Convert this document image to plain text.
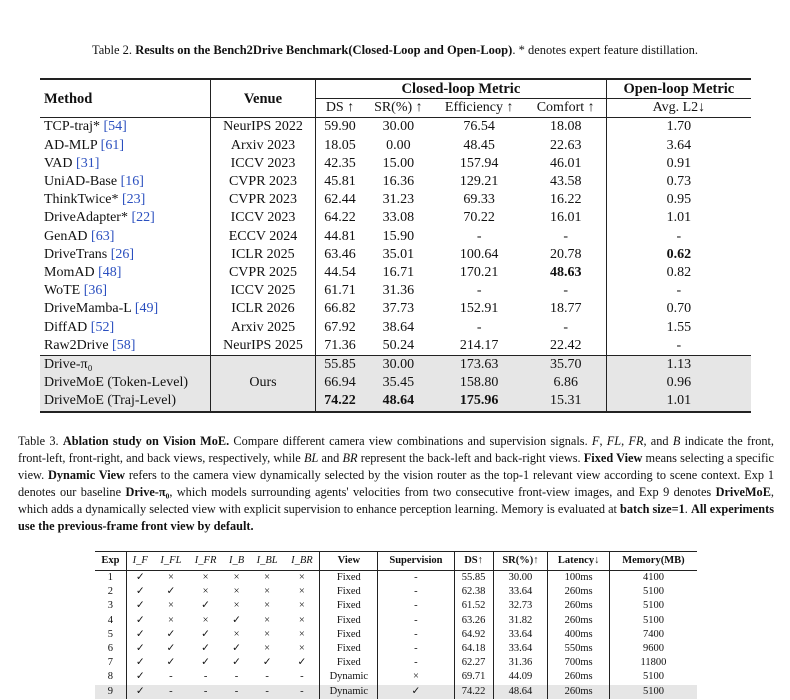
Table 2. Results on the Bench2Drive Benchmark(Closed-Loop and Open-Loop). * denotes expert feature distillation.
Method	Venue	Closed-loop Metric				Open-loop Metric
		DS ↑	SR(%) ↑	Efficiency ↑	Comfort ↑	Avg. L2↓
TCP-traj* [54]	NeurIPS 2022	59.90	30.00	76.54	18.08	1.70
AD-MLP [61]	Arxiv 2023	18.05	0.00	48.45	22.63	3.64
VAD [31]	ICCV 2023	42.35	15.00	157.94	46.01	0.91
UniAD-Base [16]	CVPR 2023	45.81	16.36	129.21	43.58	0.73
ThinkTwice* [23]	CVPR 2023	62.44	31.23	69.33	16.22	0.95
DriveAdapter* [22]	ICCV 2023	64.22	33.08	70.22	16.01	1.01
GenAD [63]	ECCV 2024	44.81	15.90	-	-	-
DriveTrans [26]	ICLR 2025	63.46	35.01	100.64	20.78	0.62
MomAD [48]	CVPR 2025	44.54	16.71	170.21	48.63	0.82
WoTE [36]	ICCV 2025	61.71	31.36	-	-	-
DriveMamba-L [49]	ICLR 2026	66.82	37.73	152.91	18.77	0.70
DiffAD [52]	Arxiv 2025	67.92	38.64	-	-	1.55
Raw2Drive [58]	NeurIPS 2025	71.36	50.24	214.17	22.42	-
Drive-π₀	Ours	55.85	30.00	173.63	35.70	1.13
DriveMoE (Token-Level)		66.94	35.45	158.80	6.86	0.96
DriveMoE (Traj-Level)		74.22	48.64	175.96	15.31	1.01
Table 3. Ablation study on Vision MoE. Compare different camera view combinations and supervision signals. F, FL, FR, and B indicate the front, front-left, front-right, and back views, respectively, while BL and BR represent the back-left and back-right views. Fixed View means selecting a specific view. Dynamic View refers to the camera view dynamically selected by the vision router as the top-1 relevant view according to scene context. Exp 1 denotes our baseline Drive-π₀, which models surrounding agents' velocities from two consecutive front-view images, and Exp 9 denotes DriveMoE, which adds a dynamically selected view with explicit supervision to enhance perception learning. Memory is evaluated at batch size=1. All experiments use the previous-frame front view by default.
Exp	I_F	I_FL	I_FR	I_B	I_BL	I_BR	View	Supervision	DS↑	SR(%)↑	Latency↓	Memory(MB)
1	✓	×	×	×	×	×	Fixed	-	55.85	30.00	100ms	4100
2	✓	✓	×	×	×	×	Fixed	-	62.38	33.64	260ms	5100
3	✓	×	✓	×	×	×	Fixed	-	61.52	32.73	260ms	5100
4	✓	×	×	✓	×	×	Fixed	-	63.26	31.82	260ms	5100
5	✓	✓	✓	×	×	×	Fixed	-	64.92	33.64	400ms	7400
6	✓	✓	✓	✓	×	×	Fixed	-	64.18	33.64	550ms	9600
7	✓	✓	✓	✓	✓	✓	Fixed	-	62.27	31.36	700ms	11800
8	✓	-	-	-	-	-	Dynamic	×	69.71	44.09	260ms	5100
9	✓	-	-	-	-	-	Dynamic	✓	74.22	48.64	260ms	5100
